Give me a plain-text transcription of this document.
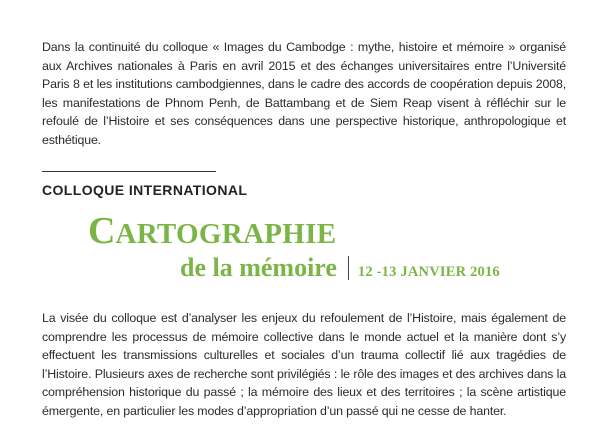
Dans la continuité du colloque « Images du Cambodge : mythe, histoire et mémoire » organisé aux Archives nationales à Paris en avril 2015 et des échanges universitaires entre l’Université Paris 8 et les institutions cambodgiennes, dans le cadre des accords de coopération depuis 2008, les manifestations de Phnom Penh, de Battambang et de Siem Reap visent à réfléchir sur le refoulé de l’Histoire et ses conséquences dans une perspective historique, anthropologique et esthétique.

COLLOQUE INTERNATIONAL
CARTOGRAPHIE
de la mémoire 12 -13 JANVIER 2016

La visée du colloque est d’analyser les enjeux du refoulement de l’Histoire, mais également de comprendre les processus de mémoire collective dans le monde actuel et la manière dont s’y effectuent les transmissions culturelles et sociales d’un trauma collectif lié aux tragédies de l’Histoire. Plusieurs axes de recherche sont privilégiés : le rôle des images et des archives dans la compréhension historique du passé ; la mémoire des lieux et des territoires ; la scène artistique émergente, en particulier les modes d’appropriation d’un passé qui ne cesse de hanter.
